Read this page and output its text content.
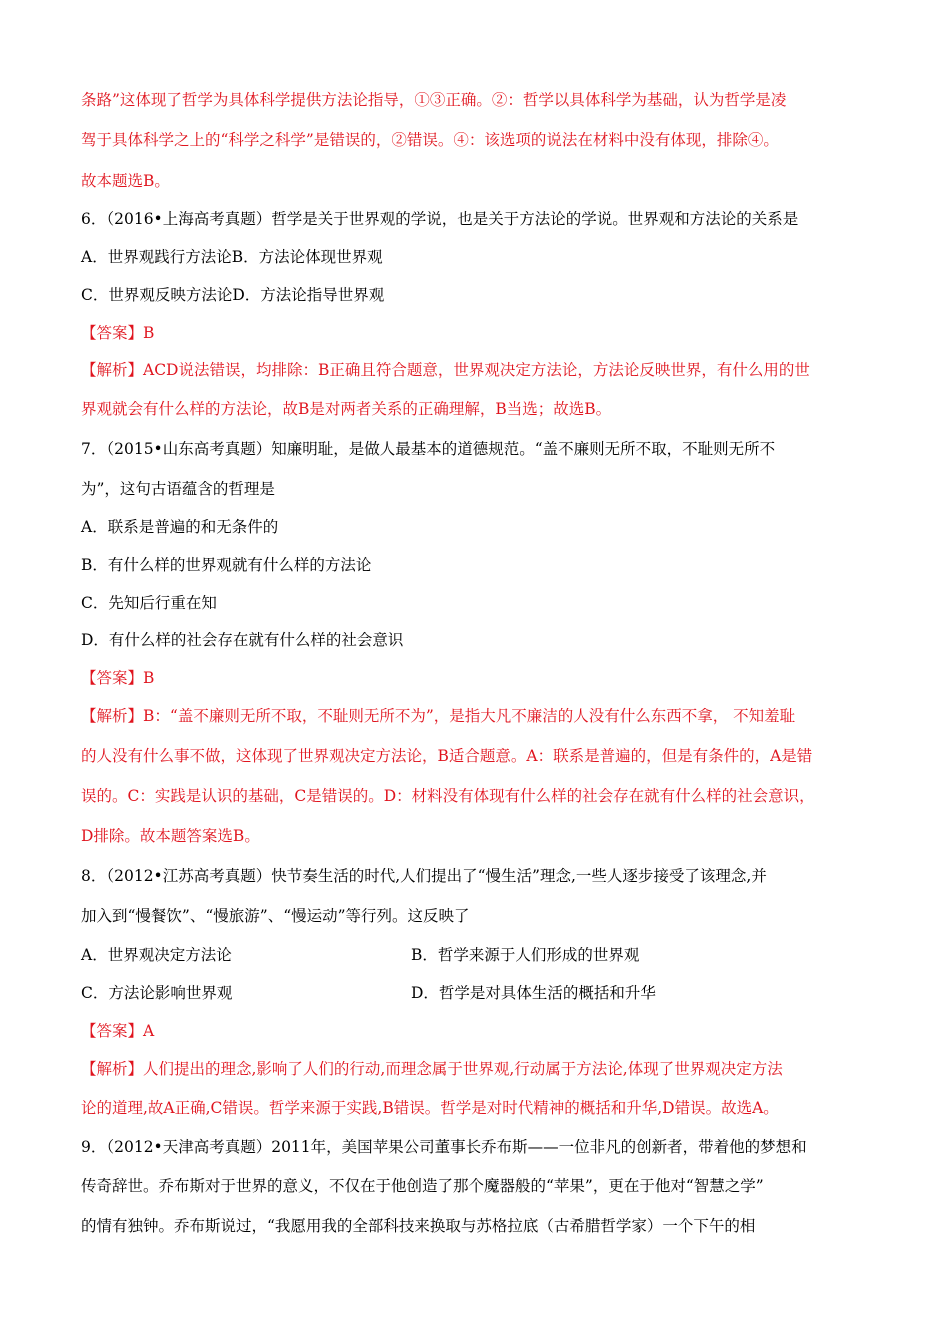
条路”这体现了哲学为具体科学提供方法论指导，①③正确。②：哲学以具体科学为基础，认为哲学是凌
驾于具体科学之上的“科学之科学”是错误的，②错误。④：该选项的说法在材料中没有体现，排除④。
故本题选B。
6．（2016•上海高考真题）哲学是关于世界观的学说，也是关于方法论的学说。世界观和方法论的关系是
A．世界观践行方法论B．方法论体现世界观
C．世界观反映方法论D．方法论指导世界观
【答案】B
【解析】ACD说法错误，均排除：B正确且符合题意，世界观决定方法论，方法论反映世界，有什么用的世
界观就会有什么样的方法论，故B是对两者关系的正确理解，B当选；故选B。
7．（2015•山东高考真题）知廉明耻，是做人最基本的道德规范。“盖不廉则无所不取，不耻则无所不
为”，这句古语蕴含的哲理是
A．联系是普遍的和无条件的
B．有什么样的世界观就有什么样的方法论
C．先知后行重在知
D．有什么样的社会存在就有什么样的社会意识
【答案】B
【解析】B：“盖不廉则无所不取，不耻则无所不为”，是指大凡不廉洁的人没有什么东西不拿， 不知羞耻
的人没有什么事不做，这体现了世界观决定方法论，B适合题意。A：联系是普遍的，但是有条件的，A是错
误的。C：实践是认识的基础，C是错误的。D：材料没有体现有什么样的社会存在就有什么样的社会意识，
D排除。故本题答案选B。
8．（2012•江苏高考真题）快节奏生活的时代,人们提出了“慢生活”理念,一些人逐步接受了该理念,并
加入到“慢餐饮”、“慢旅游”、“慢运动”等行列。这反映了
A．世界观决定方法论	B．哲学来源于人们形成的世界观
C．方法论影响世界观	D．哲学是对具体生活的概括和升华
【答案】A
【解析】人们提出的理念,影响了人们的行动,而理念属于世界观,行动属于方法论,体现了世界观决定方法
论的道理,故A正确,C错误。哲学来源于实践,B错误。哲学是对时代精神的概括和升华,D错误。故选A。
9．（2012•天津高考真题）2011年，美国苹果公司董事长乔布斯——一位非凡的创新者，带着他的梦想和
传奇辞世。乔布斯对于世界的意义，不仅在于他创造了那个魔器般的“苹果”，更在于他对“智慧之学”
的情有独钟。乔布斯说过，“我愿用我的全部科技来换取与苏格拉底（古希腊哲学家）一个下午的相
